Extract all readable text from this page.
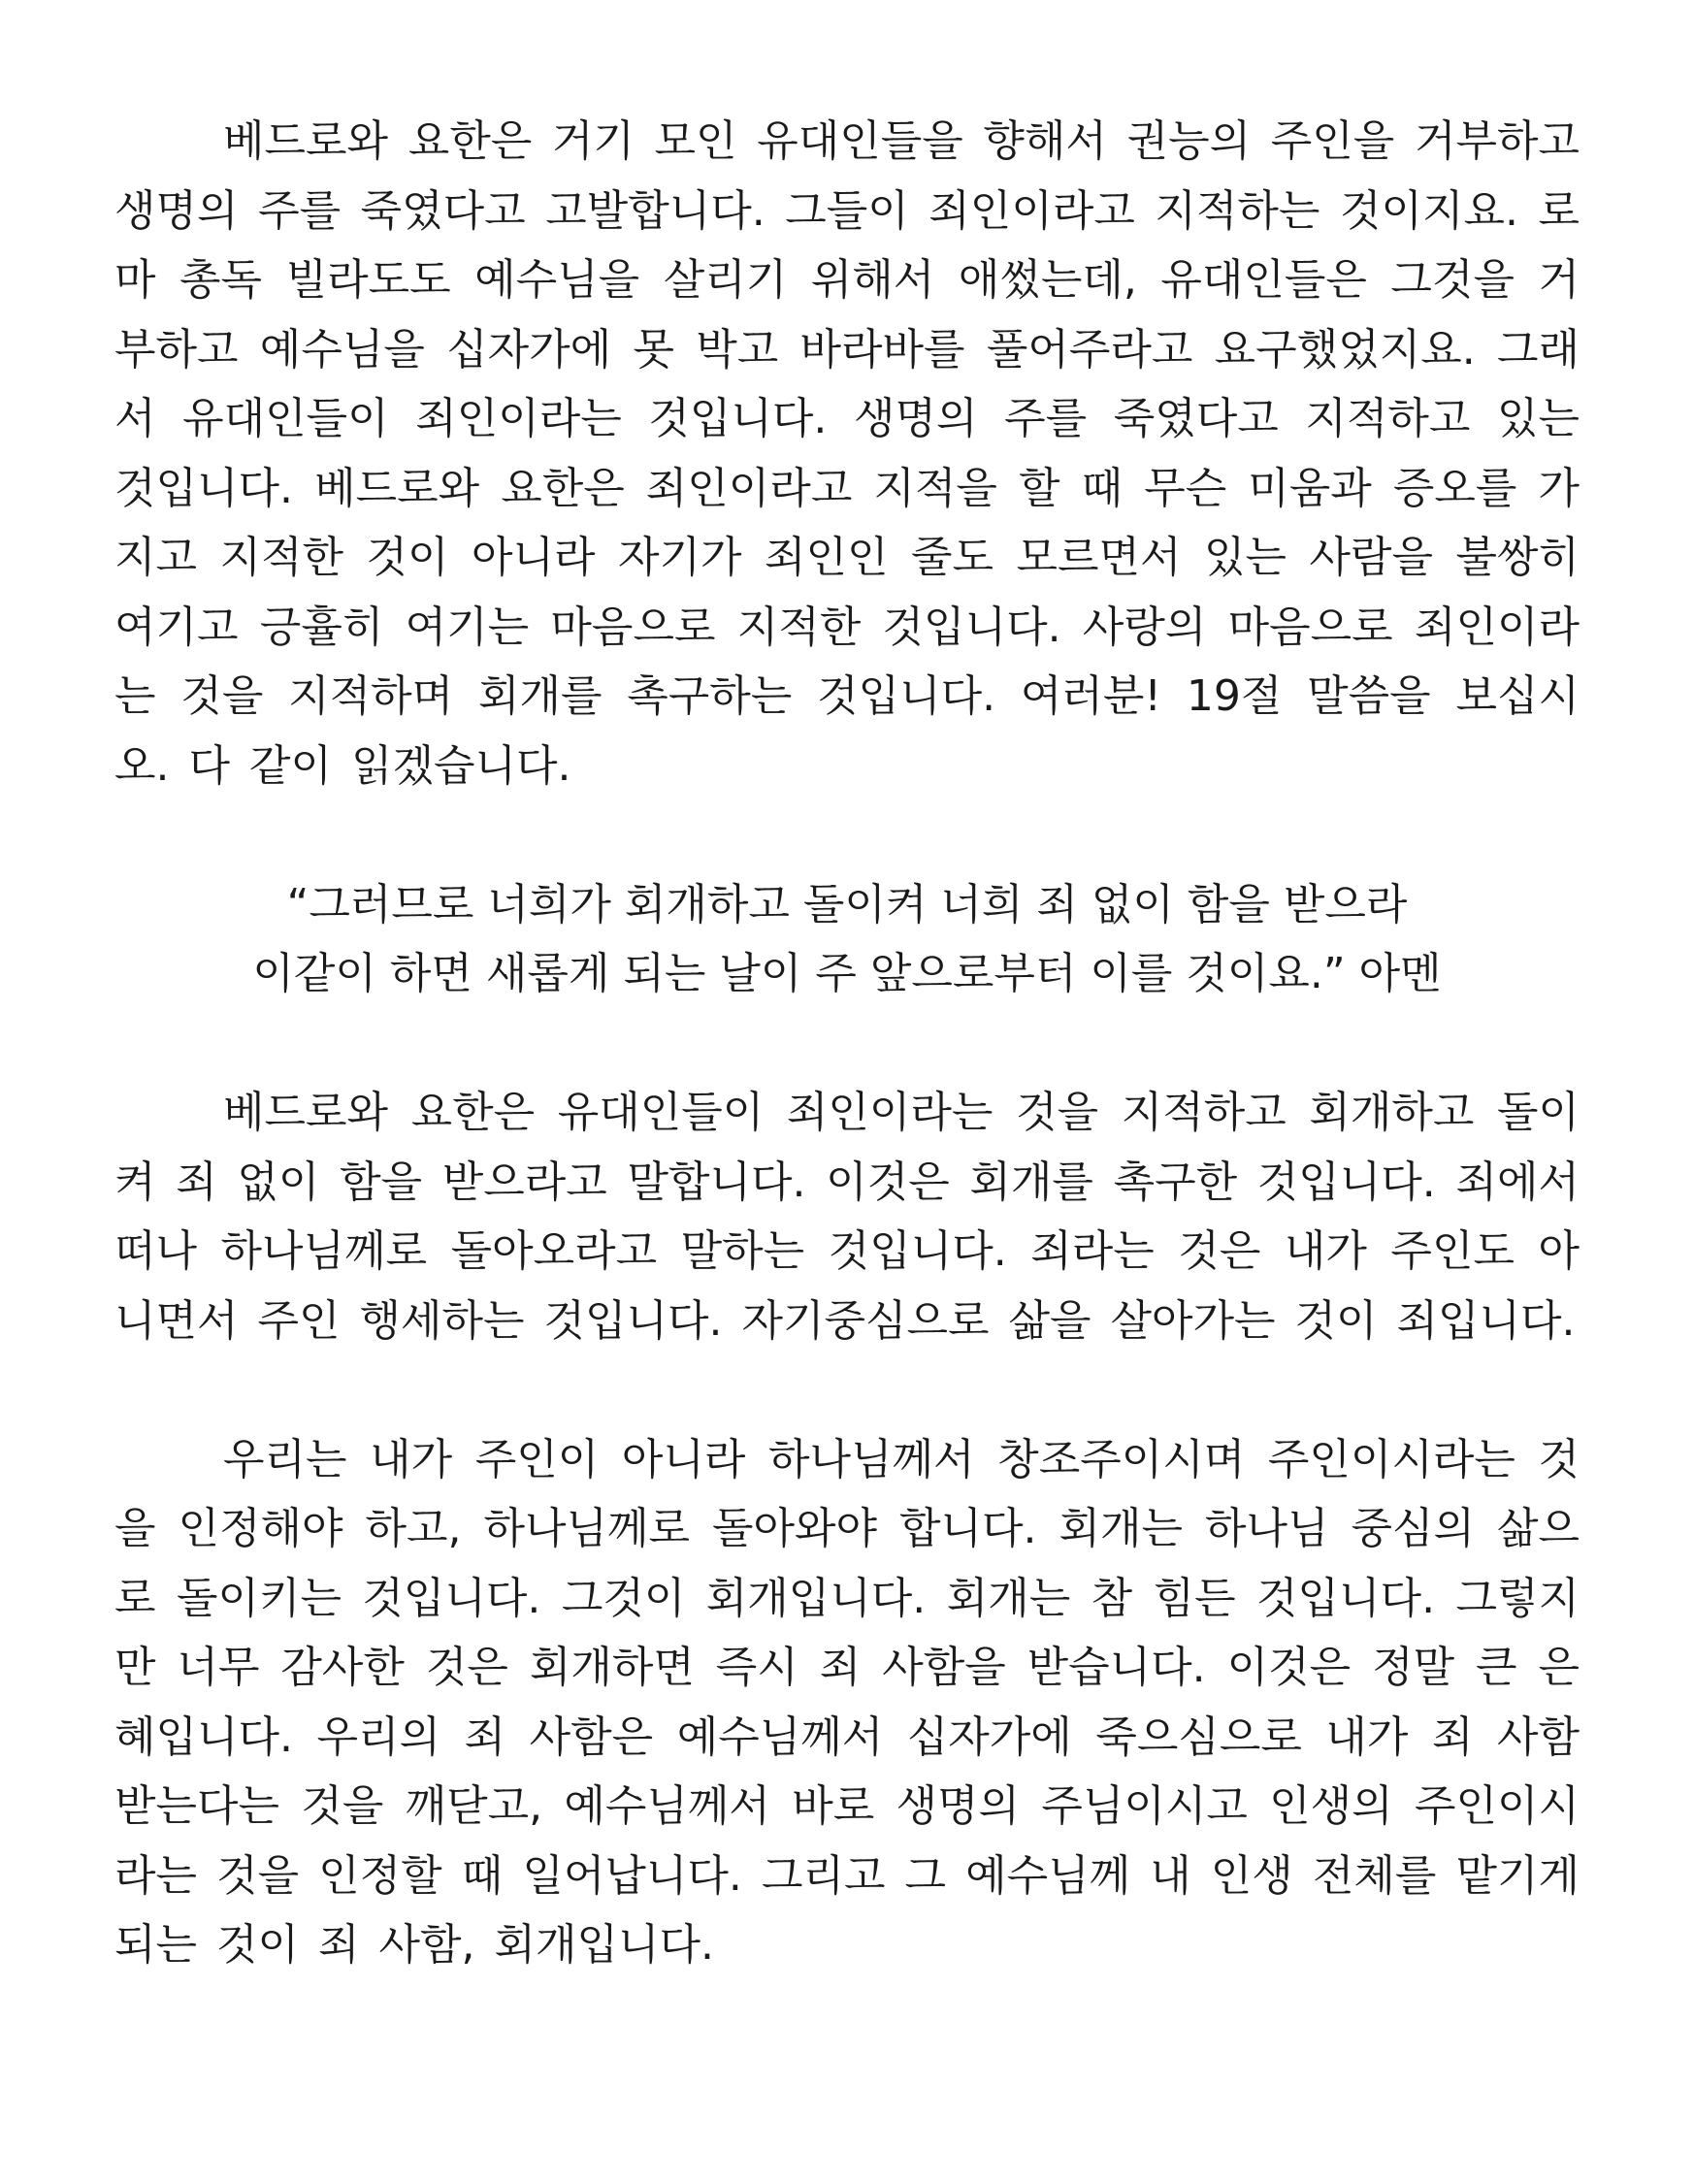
베드로와 요한은 거기 모인 유대인들을 향해서 권능의 주인을 거부하고 생명의 주를 죽였다고 고발합니다. 그들이 죄인이라고 지적하는 것이지요. 로마 총독 빌라도도 예수님을 살리기 위해서 애썼는데, 유대인들은 그것을 거부하고 예수님을 십자가에 못 박고 바라바를 풀어주라고 요구했었지요. 그래서 유대인들이 죄인이라는 것입니다. 생명의 주를 죽였다고 지적하고 있는 것입니다. 베드로와 요한은 죄인이라고 지적을 할 때 무슨 미움과 증오를 가지고 지적한 것이 아니라 자기가 죄인인 줄도 모르면서 있는 사람을 불쌍히 여기고 긍휼히 여기는 마음으로 지적한 것입니다. 사랑의 마음으로 죄인이라는 것을 지적하며 회개를 촉구하는 것입니다. 여러분! 19절 말씀을 보십시오. 다 같이 읽겠습니다.

“그러므로 너희가 회개하고 돌이켜 너희 죄 없이 함을 받으라
이같이 하면 새롭게 되는 날이 주 앞으로부터 이를 것이요.” 아멘

베드로와 요한은 유대인들이 죄인이라는 것을 지적하고 회개하고 돌이켜 죄 없이 함을 받으라고 말합니다. 이것은 회개를 촉구한 것입니다. 죄에서 떠나 하나님께로 돌아오라고 말하는 것입니다. 죄라는 것은 내가 주인도 아니면서 주인 행세하는 것입니다. 자기중심으로 삶을 살아가는 것이 죄입니다.

우리는 내가 주인이 아니라 하나님께서 창조주이시며 주인이시라는 것을 인정해야 하고, 하나님께로 돌아와야 합니다. 회개는 하나님 중심의 삶으로 돌이키는 것입니다. 그것이 회개입니다. 회개는 참 힘든 것입니다. 그렇지만 너무 감사한 것은 회개하면 즉시 죄 사함을 받습니다. 이것은 정말 큰 은혜입니다. 우리의 죄 사함은 예수님께서 십자가에 죽으심으로 내가 죄 사함 받는다는 것을 깨닫고, 예수님께서 바로 생명의 주님이시고 인생의 주인이시라는 것을 인정할 때 일어납니다. 그리고 그 예수님께 내 인생 전체를 맡기게 되는 것이 죄 사함, 회개입니다.
